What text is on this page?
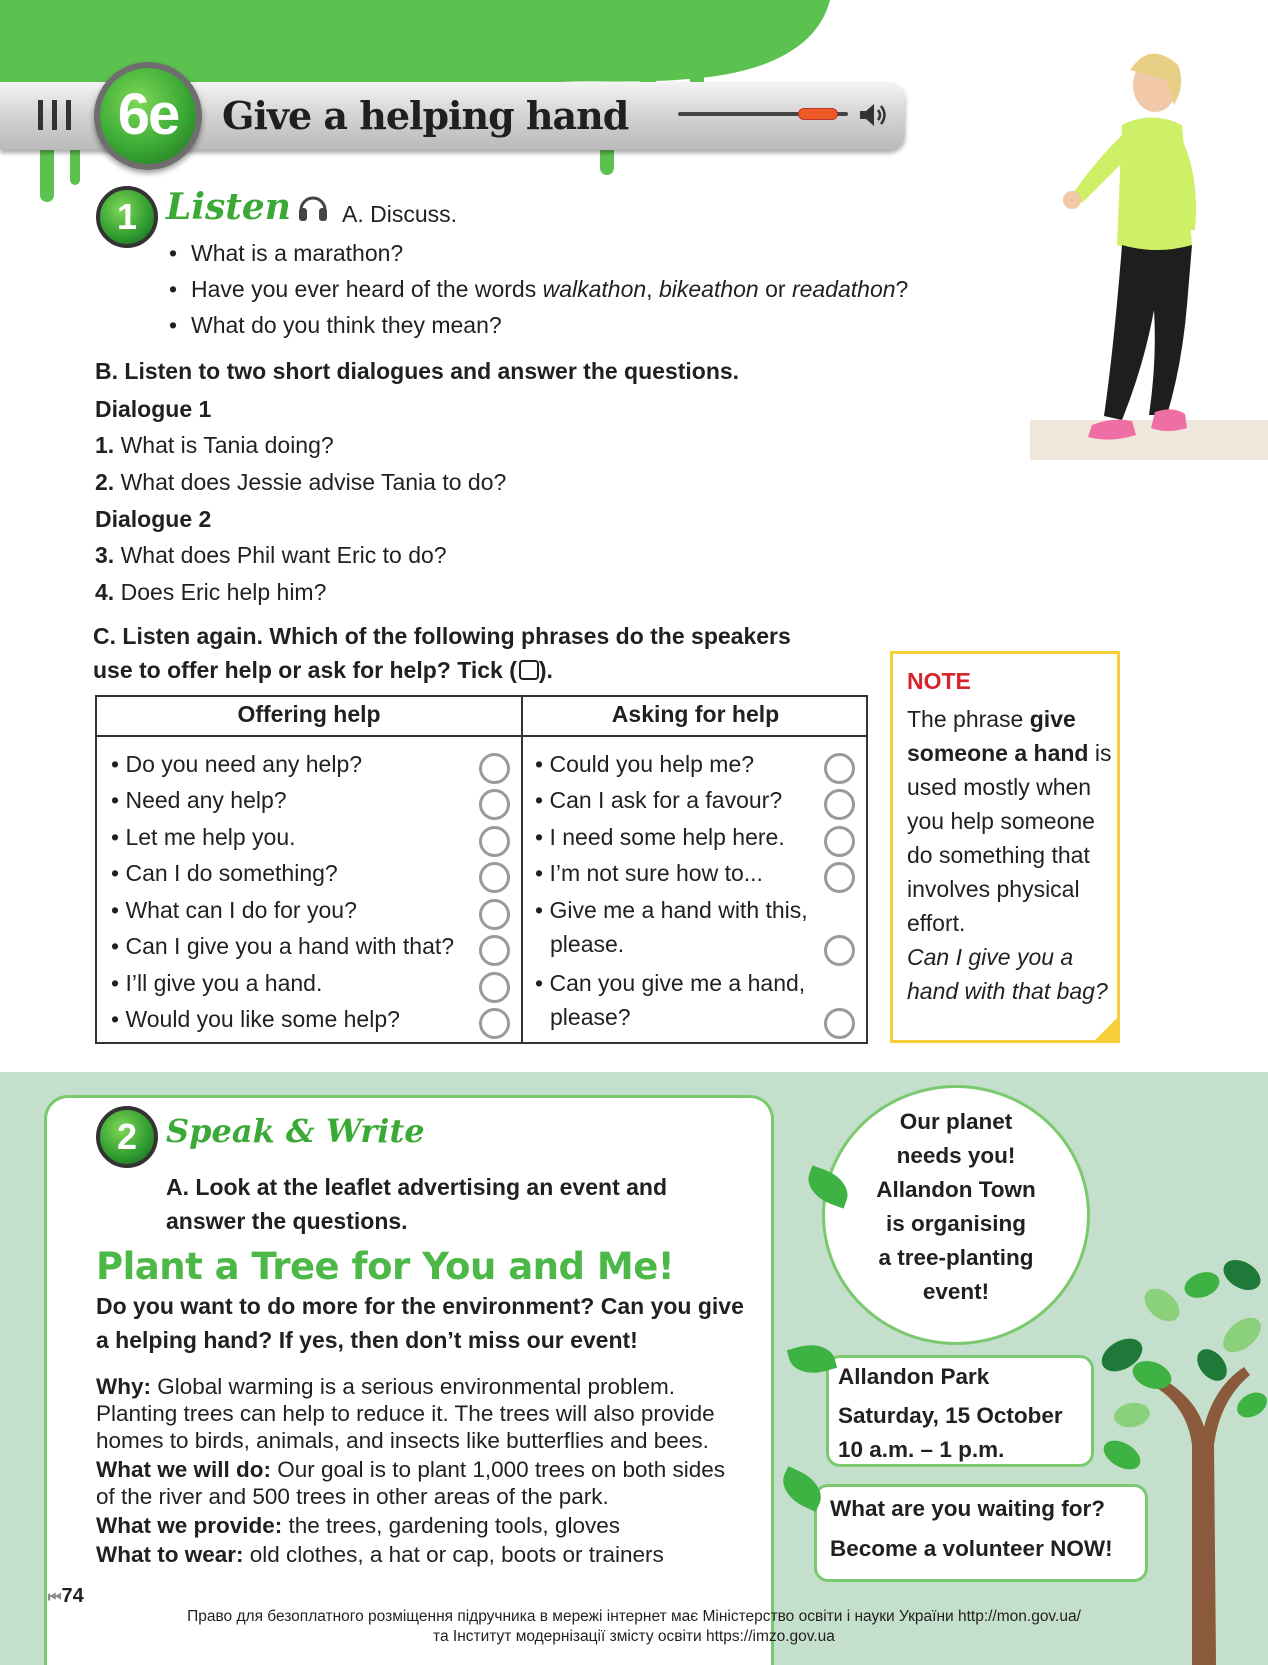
6e	Give a helping hand
1 Listen A. Discuss.
• What is a marathon?
• Have you ever heard of the words walkathon, bikeathon or readathon?
• What do you think they mean?
B. Listen to two short dialogues and answer the questions.
Dialogue 1
1. What is Tania doing?
2. What does Jessie advise Tania to do?
Dialogue 2
3. What does Phil want Eric to do?
4. Does Eric help him?
C. Listen again. Which of the following phrases do the speakers
use to offer help or ask for help? Tick ( ).
Offering help	Asking for help
• Do you need any help?
• Need any help?
• Let me help you.
• Can I do something?
• What can I do for you?
• Can I give you a hand with that?
• I’ll give you a hand.
• Would you like some help?
• Could you help me?
• Can I ask for a favour?
• I need some help here.
• I’m not sure how to...
• Give me a hand with this,
please.
• Can you give me a hand,
please?
NOTE
The phrase give someone a hand is used mostly when you help someone do something that involves physical effort.
Can I give you a hand with that bag?
2 Speak & Write
A. Look at the leaflet advertising an event and
answer the questions.
Plant a Tree for You and Me!
Do you want to do more for the environment? Can you give
a helping hand? If yes, then don’t miss our event!
Why: Global warming is a serious environmental problem.
Planting trees can help to reduce it. The trees will also provide
homes to birds, animals, and insects like butterflies and bees.
What we will do: Our goal is to plant 1,000 trees on both sides
of the river and 500 trees in other areas of the park.
What we provide: the trees, gardening tools, gloves
What to wear: old clothes, a hat or cap, boots or trainers
Our planet
needs you!
Allandon Town
is organising
a tree-planting
event!
Allandon Park
Saturday, 15 October
10 a.m. – 1 p.m.
What are you waiting for?
Become a volunteer NOW!
⏮74
Право для безоплатного розміщення підручника в мережі інтернет має Міністерство освіти і науки України http://mon.gov.ua/
та Інститут модернізації змісту освіти https://imzo.gov.ua
